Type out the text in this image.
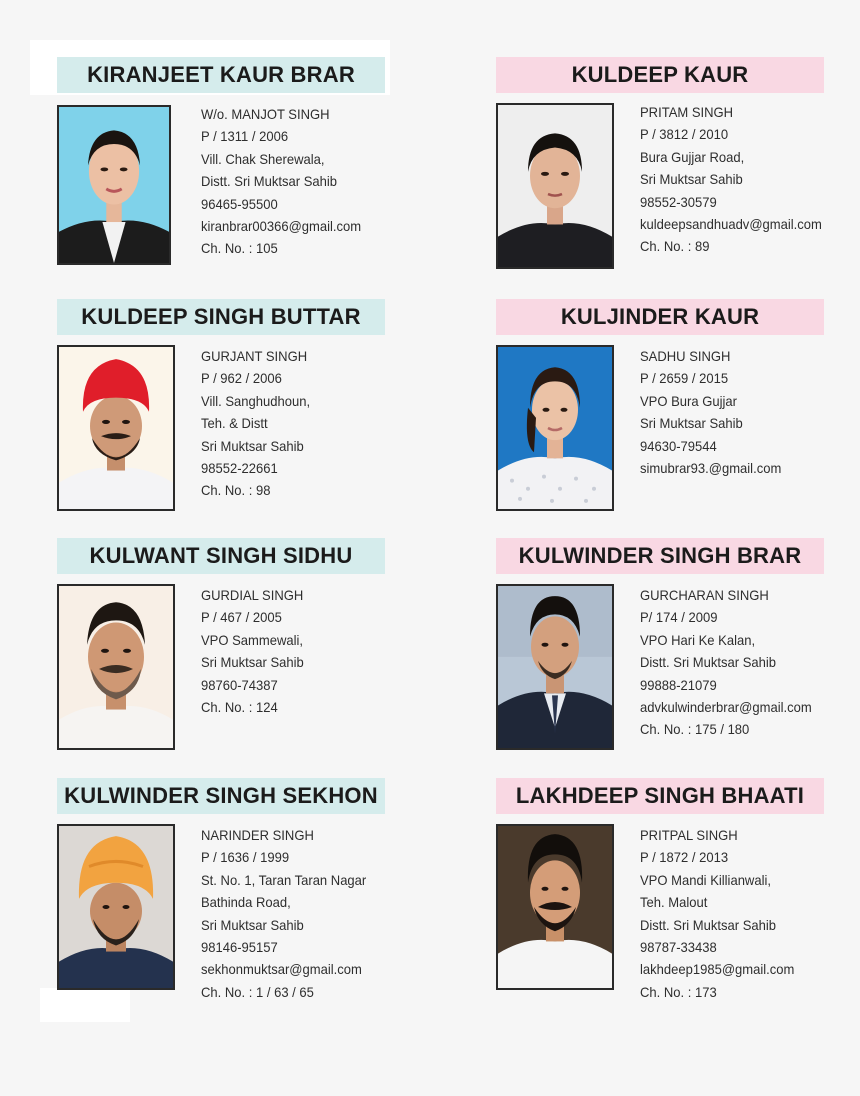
KIRANJEET KAUR BRAR
W/o. MANJOT SINGH
P / 1311 / 2006
Vill. Chak Sherewala,
Distt. Sri Muktsar Sahib
96465-95500
kiranbrar00366@gmail.com
Ch. No. : 105
KULDEEP KAUR
PRITAM SINGH
P / 3812 / 2010
Bura Gujjar Road,
Sri Muktsar Sahib
98552-30579
kuldeepsandhuadv@gmail.com
Ch. No. : 89
KULDEEP SINGH BUTTAR
GURJANT SINGH
P / 962 / 2006
Vill. Sanghudhoun,
Teh. & Distt
Sri Muktsar Sahib
98552-22661
Ch. No. : 98
KULJINDER KAUR
SADHU SINGH
P / 2659 / 2015
VPO Bura Gujjar
Sri Muktsar Sahib
94630-79544
simubrar93.@gmail.com
KULWANT SINGH SIDHU
GURDIAL SINGH
P / 467 / 2005
VPO Sammewali,
Sri Muktsar Sahib
98760-74387
Ch. No. : 124
KULWINDER SINGH BRAR
GURCHARAN SINGH
P/ 174 / 2009
VPO Hari Ke Kalan,
Distt. Sri Muktsar Sahib
99888-21079
advkulwinderbrar@gmail.com
Ch. No. : 175 / 180
KULWINDER SINGH SEKHON
NARINDER SINGH
P / 1636 / 1999
St. No. 1, Taran Taran Nagar
Bathinda Road,
Sri Muktsar Sahib
98146-95157
sekhonmuktsar@gmail.com
Ch. No. : 1 / 63 / 65
LAKHDEEP SINGH BHAATI
PRITPAL SINGH
P / 1872 / 2013
VPO Mandi Killianwali,
Teh. Malout
Distt. Sri Muktsar Sahib
98787-33438
lakhdeep1985@gmail.com
Ch. No. : 173
